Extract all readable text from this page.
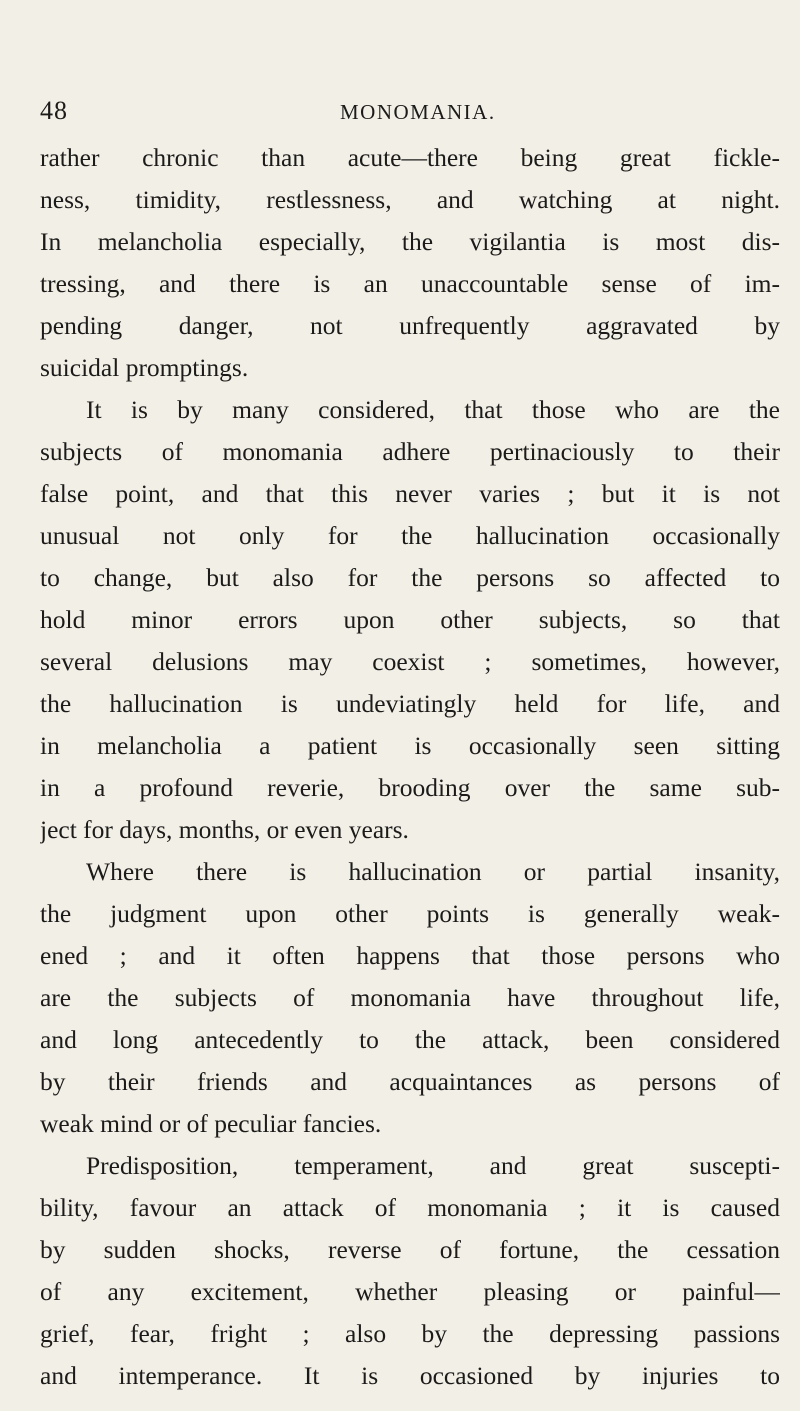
48	MONOMANIA.
rather chronic than acute—there being great fickle-
ness, timidity, restlessness, and watching at night.
In melancholia especially, the vigilantia is most dis-
tressing, and there is an unaccountable sense of im-
pending danger, not unfrequently aggravated by
suicidal promptings.
It is by many considered, that those who are the
subjects of monomania adhere pertinaciously to their
false point, and that this never varies ; but it is not
unusual not only for the hallucination occasionally
to change, but also for the persons so affected to
hold minor errors upon other subjects, so that
several delusions may coexist ; sometimes, however,
the hallucination is undeviatingly held for life, and
in melancholia a patient is occasionally seen sitting
in a profound reverie, brooding over the same sub-
ject for days, months, or even years.
Where there is hallucination or partial insanity,
the judgment upon other points is generally weak-
ened ; and it often happens that those persons who
are the subjects of monomania have throughout life,
and long antecedently to the attack, been considered
by their friends and acquaintances as persons of
weak mind or of peculiar fancies.
Predisposition, temperament, and great suscepti-
bility, favour an attack of monomania ; it is caused
by sudden shocks, reverse of fortune, the cessation
of any excitement, whether pleasing or painful—
grief, fear, fright ; also by the depressing passions
and intemperance. It is occasioned by injuries to
